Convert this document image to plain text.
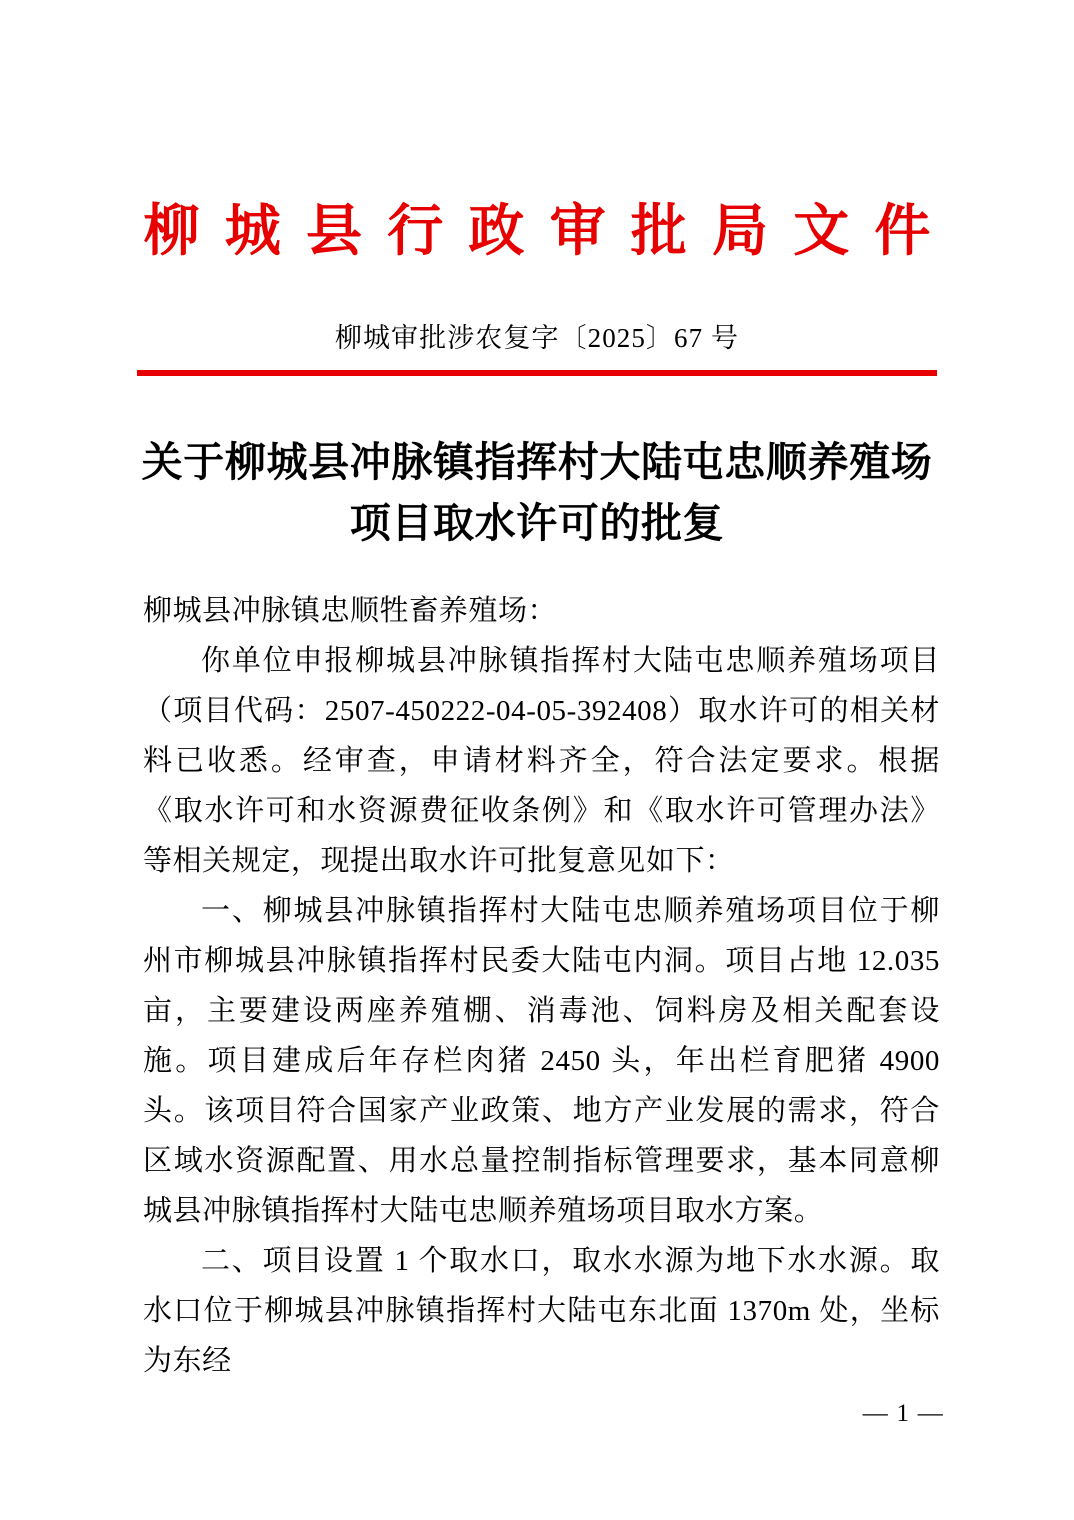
柳城县行政审批局文件
柳城审批涉农复字〔2025〕67 号
关于柳城县冲脉镇指挥村大陆屯忠顺养殖场
项目取水许可的批复

柳城县冲脉镇忠顺牲畜养殖场：

你单位申报柳城县冲脉镇指挥村大陆屯忠顺养殖场项目（项目代码：2507-450222-04-05-392408）取水许可的相关材料已收悉。经审查，申请材料齐全，符合法定要求。根据《取水许可和水资源费征收条例》和《取水许可管理办法》等相关规定，现提出取水许可批复意见如下：

一、柳城县冲脉镇指挥村大陆屯忠顺养殖场项目位于柳州市柳城县冲脉镇指挥村民委大陆屯内洞。项目占地 12.035 亩，主要建设两座养殖棚、消毒池、饲料房及相关配套设施。项目建成后年存栏肉猪 2450 头，年出栏育肥猪 4900 头。该项目符合国家产业政策、地方产业发展的需求，符合区域水资源配置、用水总量控制指标管理要求，基本同意柳城县冲脉镇指挥村大陆屯忠顺养殖场项目取水方案。

二、项目设置 1 个取水口，取水水源为地下水水源。取水口位于柳城县冲脉镇指挥村大陆屯东北面 1370m 处，坐标为东经

— 1 —
